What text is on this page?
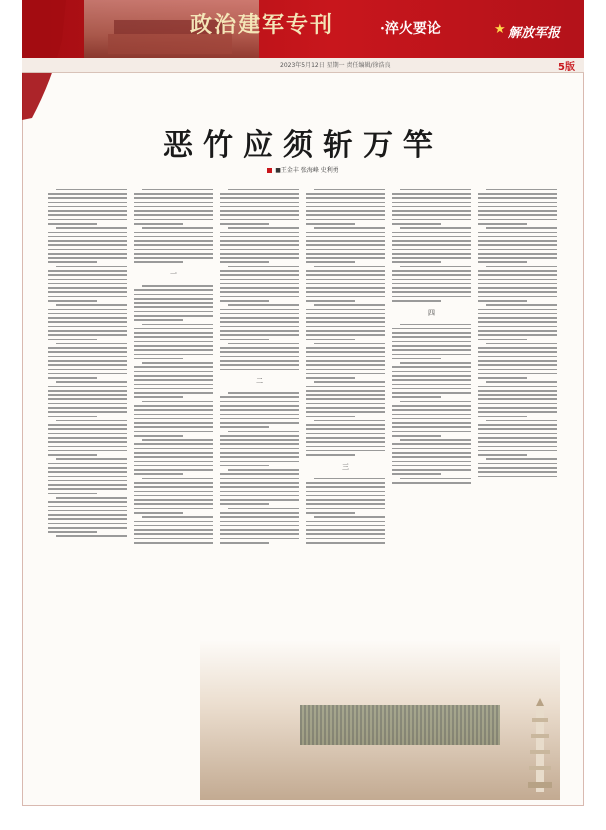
政治建军专刊	·淬火要论	★ 解放军报
2023年5月12日 星期一 责任编辑/徐浩良	5版
恶竹应须斩万竿
■王金丰 张海峰 史利勇
一
二
三
四
